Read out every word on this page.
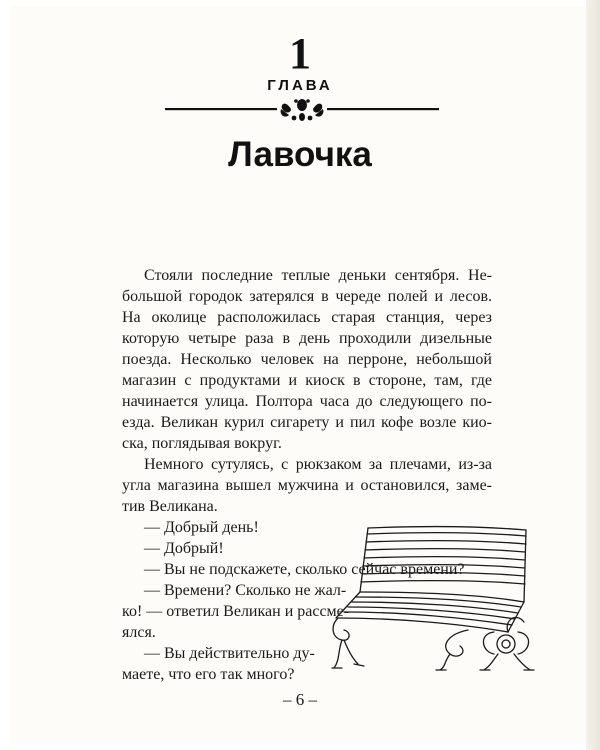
1
ГЛАВА
Лавочка

Стояли последние теплые деньки сентября. Не-

большой городок затерялся в череде полей и лесов.

На околице расположилась старая станция, через

которую четыре раза в день проходили дизельные

поезда. Несколько человек на перроне, небольшой

магазин с продуктами и киоск в стороне, там, где

начинается улица. Полтора часа до следующего по-

езда. Великан курил сигарету и пил кофе возле кио-

ска, поглядывая вокруг.

Немного сутулясь, с рюкзаком за плечами, из-за

угла магазина вышел мужчина и остановился, заме-

тив Великана.

— Добрый день!

— Добрый!

— Вы не подскажете, сколько сейчас времени?

— Времени? Сколько не жал-

ко! — ответил Великан и рассме-

ялся.

— Вы действительно ду-

маете, что его так много?

– 6 –
